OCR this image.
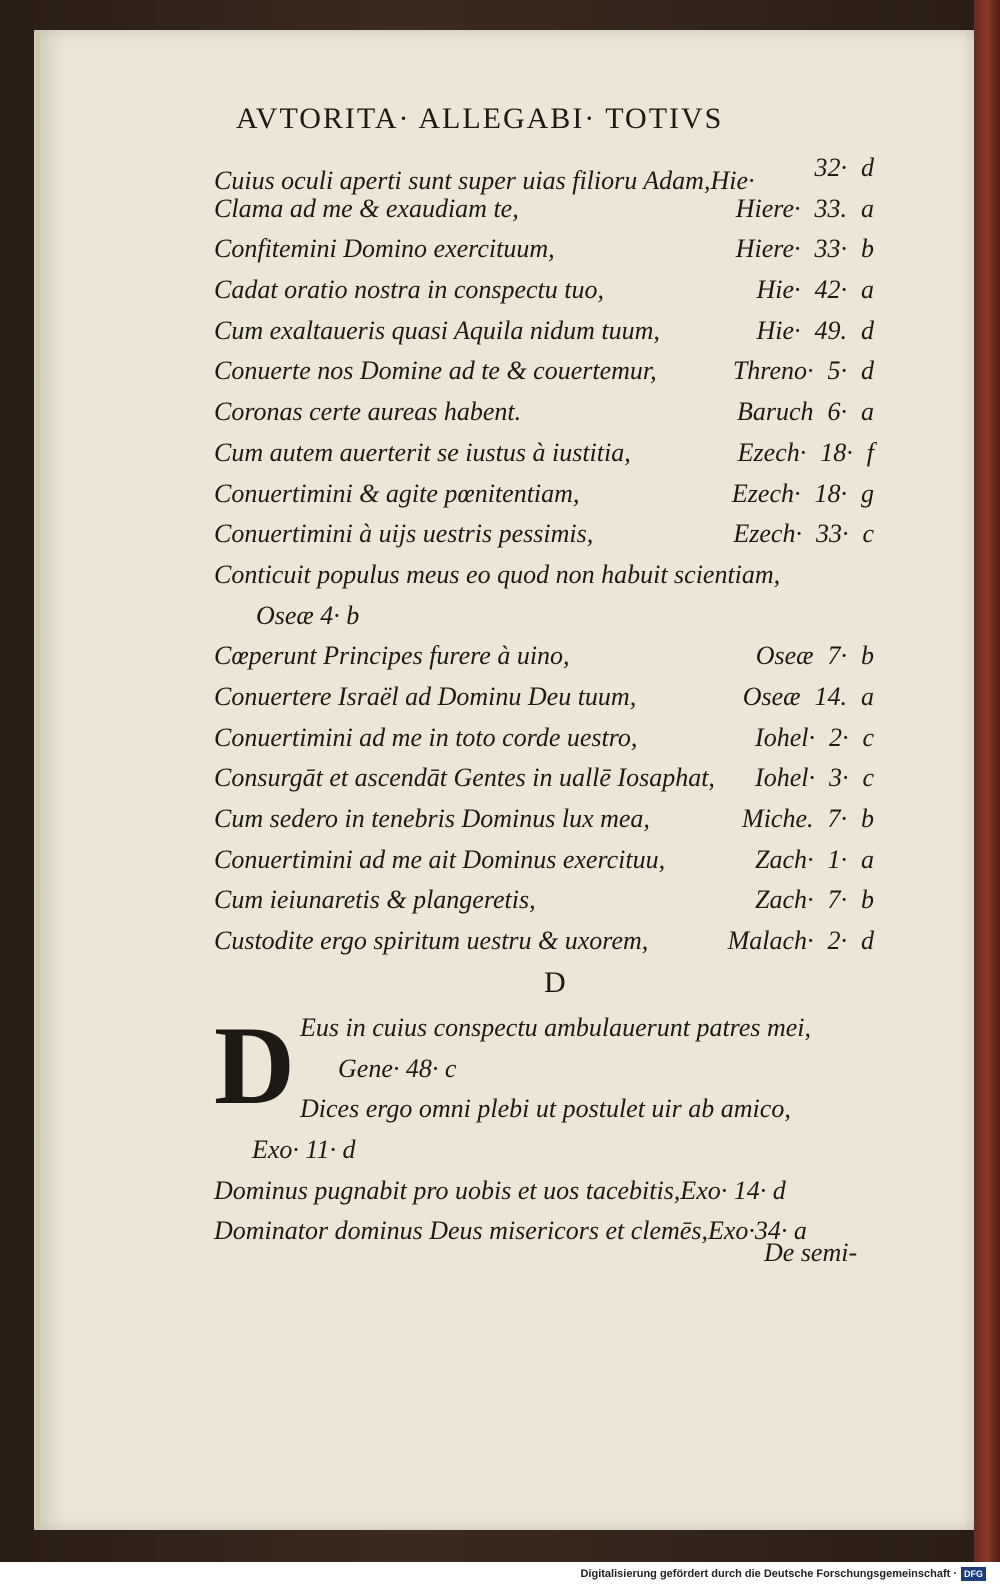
AVTORITA· ALLEGABI· TOTIVS
Cuius oculi aperti sunt super uias filioru Adam,Hie·	32· d
Clama ad me & exaudiam te,	Hiere· 33. a
Confitemini Domino exercituum,	Hiere· 33· b
Cadat oratio nostra in conspectu tuo,	Hie· 42· a
Cum exaltaueris quasi Aquila nidum tuum,	Hie· 49. d
Conuerte nos Domine ad te & couertemur,	Threno· 5· d
Coronas certe aureas habent.	Baruch 6· a
Cum autem auerterit se iustus à iustitia,	Ezech· 18· f
Conuertimini & agite pœnitentiam,	Ezech· 18· g
Conuertimini à uijs uestris pessimis,	Ezech· 33· c
Conticuit populus meus eo quod non habuit scientiam,
Oseæ 4· b
Cœperunt Principes furere à uino,	Oseæ 7· b
Conuertere Israël ad Dominu Deu tuum,	Oseæ 14. a
Conuertimini ad me in toto corde uestro,	Iohel· 2· c
Consurgāt et ascendāt Gentes in uallē Iosaphat,	Iohel· 3· c
Cum sedero in tenebris Dominus lux mea,	Miche. 7· b
Conuertimini ad me ait Dominus exercituu,	Zach· 1· a
Cum ieiunaretis & plangeretis,	Zach· 7· b
Custodite ergo spiritum uestru & uxorem,	Malach· 2· d
D
D Eus in cuius conspectu ambulauerunt patres mei,
Gene· 48· c
Dices ergo omni plebi ut postulet uir ab amico,
Exo· 11· d
Dominus pugnabit pro uobis et uos tacebitis,Exo· 14· d
Dominator dominus Deus misericors et clemēs,Exo·34· a
De semi-
Digitalisierung gefördert durch die Deutsche Forschungsgemeinschaft · DFG
